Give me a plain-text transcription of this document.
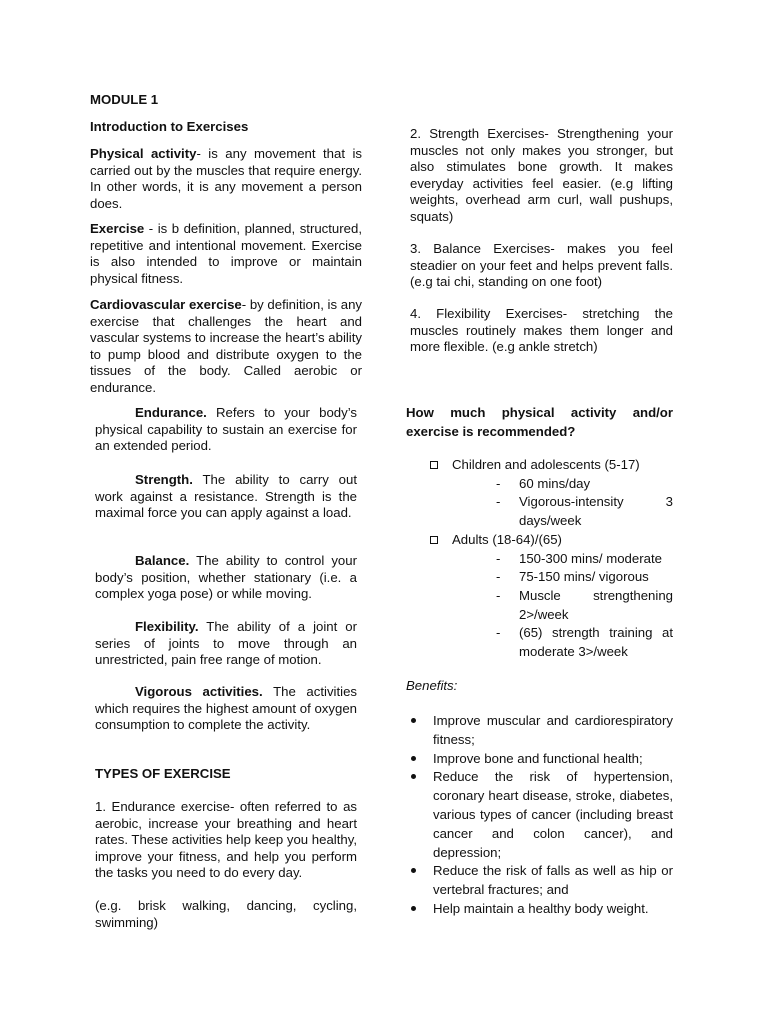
MODULE 1
Introduction to Exercises

Physical activity- is any movement that is carried out by the muscles that require energy. In other words, it is any movement a person does.

Exercise - is b definition, planned, structured, repetitive and intentional movement. Exercise is also intended to improve or maintain physical fitness.

Cardiovascular exercise- by definition, is any exercise that challenges the heart and vascular systems to increase the heart’s ability to pump blood and distribute oxygen to the tissues of the body. Called aerobic or endurance.

Endurance. Refers to your body’s physical capability to sustain an exercise for an extended period.

Strength. The ability to carry out work against a resistance. Strength is the maximal force you can apply against a load.

Balance. The ability to control your body’s position, whether stationary (i.e. a complex yoga pose) or while moving.

Flexibility. The ability of a joint or series of joints to move through an unrestricted, pain free range of motion.

Vigorous activities. The activities which requires the highest amount of oxygen consumption to complete the activity.

TYPES OF EXERCISE

1. Endurance exercise- often referred to as aerobic, increase your breathing and heart rates. These activities help keep you healthy, improve your fitness, and help you perform the tasks you need to do every day.

(e.g. brisk walking, dancing, cycling, swimming)

2. Strength Exercises- Strengthening your muscles not only makes you stronger, but also stimulates bone growth. It makes everyday activities feel easier. (e.g lifting weights, overhead arm curl, wall pushups, squats)

3. Balance Exercises- makes you feel steadier on your feet and helps prevent falls. (e.g tai chi, standing on one foot)

4. Flexibility Exercises- stretching the muscles routinely makes them longer and more flexible. (e.g ankle stretch)

How much physical activity and/or exercise is recommended?

Children and adolescents (5-17)
- 60 mins/day
- Vigorous-intensity 3 days/week
Adults (18-64)/(65)
- 150-300 mins/ moderate
- 75-150 mins/ vigorous
- Muscle strengthening 2>/week
- (65) strength training at moderate 3>/week
Benefits:
Improve muscular and cardiorespiratory fitness;
Improve bone and functional health;
Reduce the risk of hypertension, coronary heart disease, stroke, diabetes, various types of cancer (including breast cancer and colon cancer), and depression;
Reduce the risk of falls as well as hip or vertebral fractures; and
Help maintain a healthy body weight.
